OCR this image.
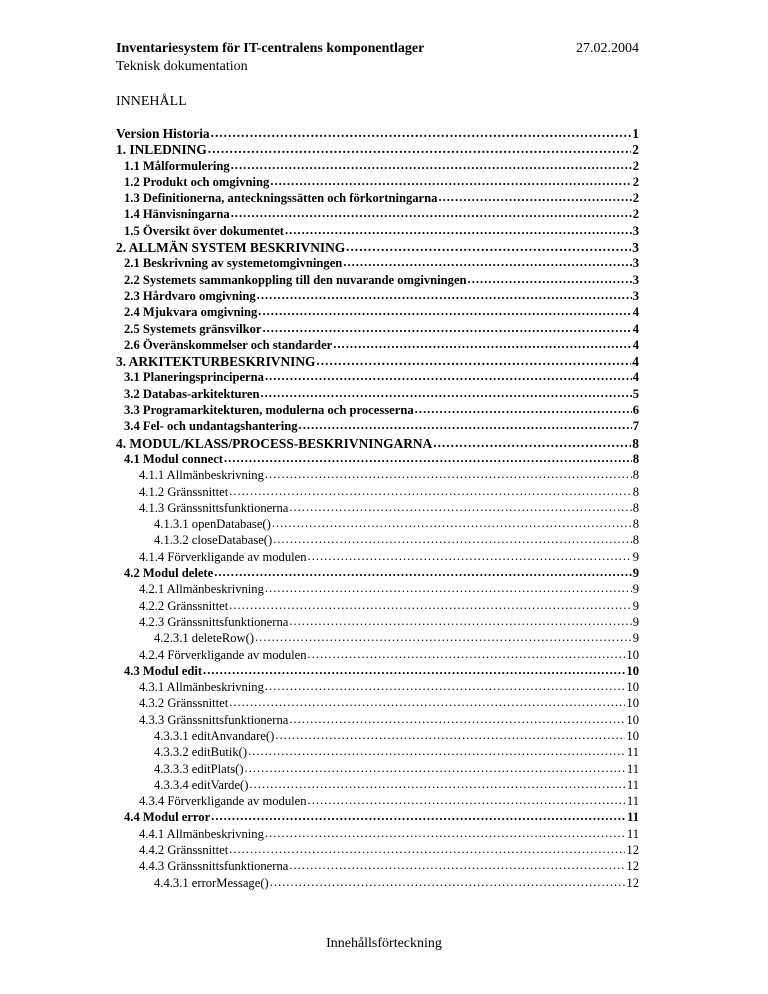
Inventariesystem för IT-centralens komponentlager
Teknisk dokumentation
27.02.2004
INNEHÅLL
Version Historia .....	1
1. INLEDNING .....	2
1.1 Målformulering .....	2
1.2 Produkt och omgivning .....	2
1.3 Definitionerna, anteckningssätten och förkortningarna .....	2
1.4 Hänvisningarna .....	2
1.5 Översikt över dokumentet .....	3
2. ALLMÄN SYSTEM BESKRIVNING .....	3
2.1 Beskrivning av systemetomgivningen .....	3
2.2 Systemets sammankoppling till den nuvarande omgivningen .....	3
2.3 Hårdvaro omgivning .....	3
2.4 Mjukvara omgivning .....	4
2.5 Systemets gränsvilkor .....	4
2.6 Överänskommelser och standarder .....	4
3. ARKITEKTURBESKRIVNING .....	4
3.1 Planeringsprinciperna .....	4
3.2 Databas-arkitekturen .....	5
3.3 Programarkitekturen, modulerna och processerna .....	6
3.4 Fel- och undantagshantering .....	7
4. MODUL/KLASS/PROCESS-BESKRIVNINGARNA .....	8
4.1 Modul connect .....	8
4.1.1 Allmänbeskrivning .....	8
4.1.2 Gränssnittet .....	8
4.1.3 Gränssnittsfunktionerna .....	8
4.1.3.1 openDatabase() .....	8
4.1.3.2 closeDatabase() .....	8
4.1.4 Förverkligande av modulen .....	9
4.2 Modul delete .....	9
4.2.1 Allmänbeskrivning .....	9
4.2.2 Gränssnittet .....	9
4.2.3 Gränssnittsfunktionerna .....	9
4.2.3.1 deleteRow() .....	9
4.2.4 Förverkligande av modulen .....	10
4.3 Modul edit .....	10
4.3.1 Allmänbeskrivning .....	10
4.3.2 Gränssnittet .....	10
4.3.3 Gränssnittsfunktionerna .....	10
4.3.3.1 editAnvandare() .....	10
4.3.3.2 editButik() .....	11
4.3.3.3 editPlats() .....	11
4.3.3.4 editVarde() .....	11
4.3.4 Förverkligande av modulen .....	11
4.4 Modul error .....	11
4.4.1 Allmänbeskrivning .....	11
4.4.2 Gränssnittet .....	12
4.4.3 Gränssnittsfunktionerna .....	12
4.4.3.1 errorMessage() .....	12
Innehållsförteckning
